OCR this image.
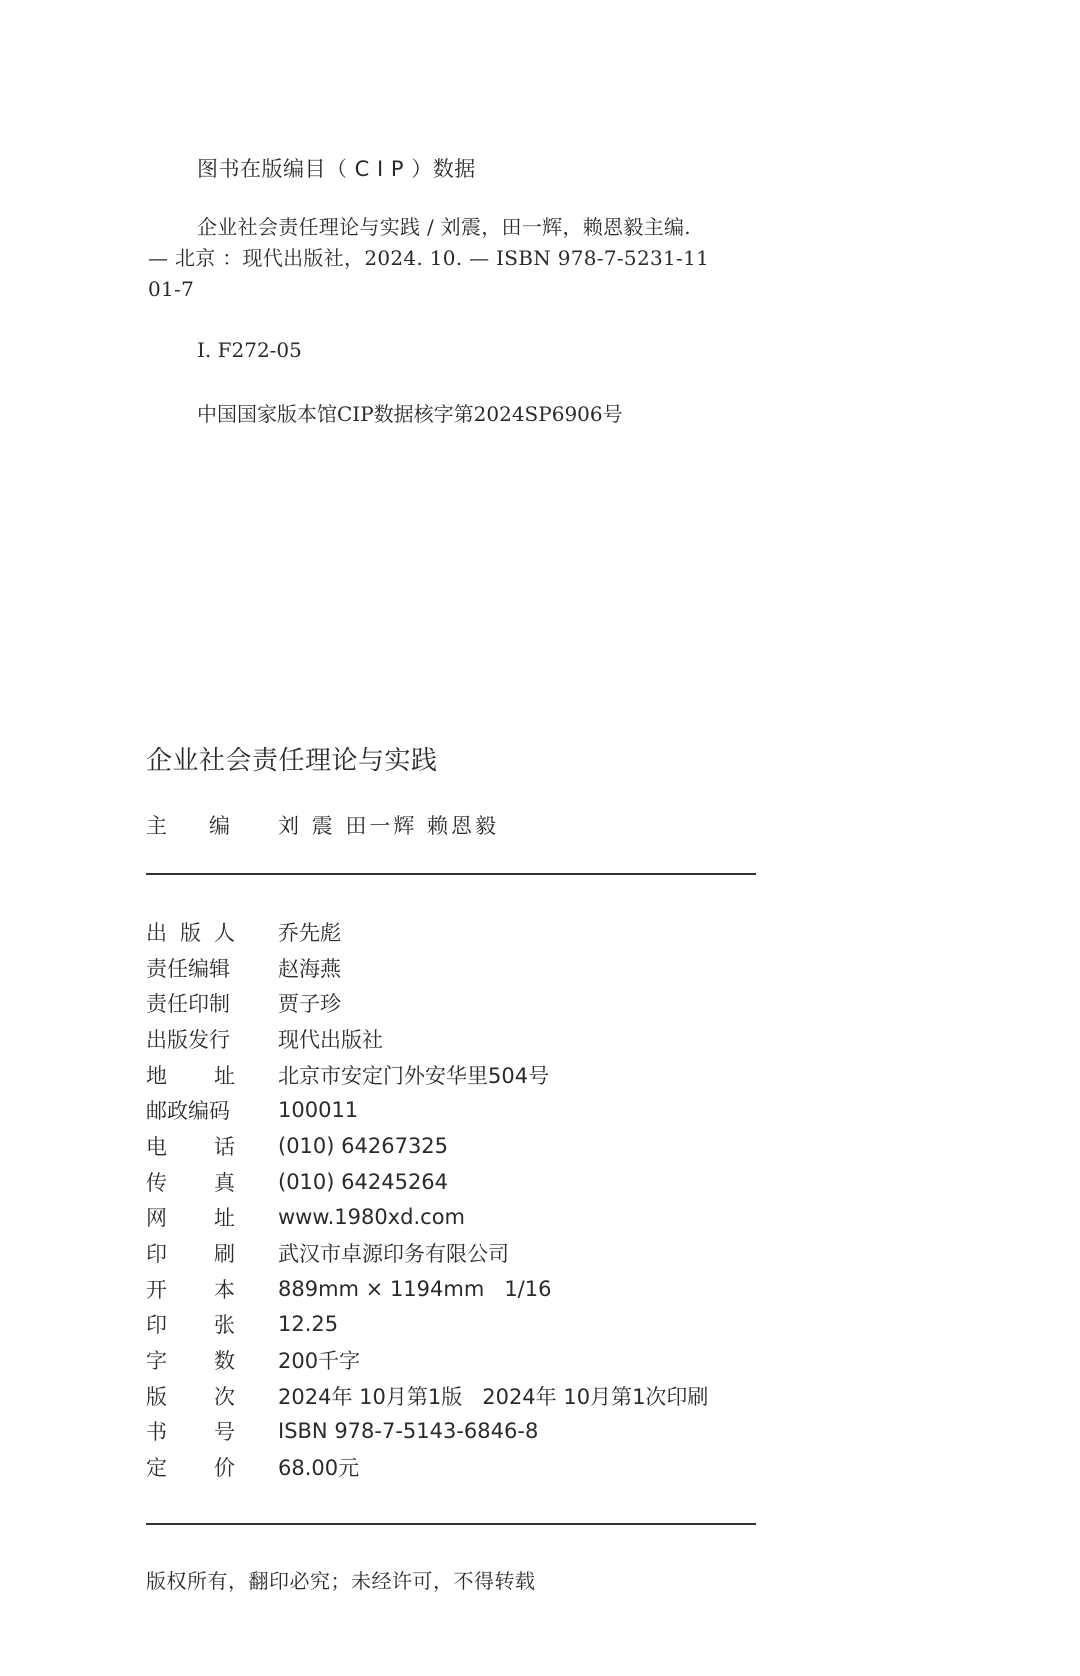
图书在版编目（ C I P ）数据
企业社会责任理论与实践 / 刘震，田一辉，赖恩毅主编. — 北京 ：现代出版社，2024. 10. — ISBN 978-7-5231-1101-7
Ⅰ. F272-05
中国国家版本馆CIP数据核字第2024SP6906号
企业社会责任理论与实践
主 编 刘 震 田一辉 赖恩毅
出 版 人 乔先彪
责任编辑 赵海燕
责任印制 贾子珍
出版发行 现代出版社
地 址 北京市安定门外安华里504号
邮政编码 100011
电 话 (010) 64267325
传 真 (010) 64245264
网 址 www.1980xd.com
印 刷 武汉市卓源印务有限公司
开 本 889mm × 1194mm   1/16
印 张 12.25
字 数 200千字
版 次 2024年 10月第1版   2024年 10月第1次印刷
书 号 ISBN 978-7-5143-6846-8
定 价 68.00元
版权所有，翻印必究；未经许可，不得转载
